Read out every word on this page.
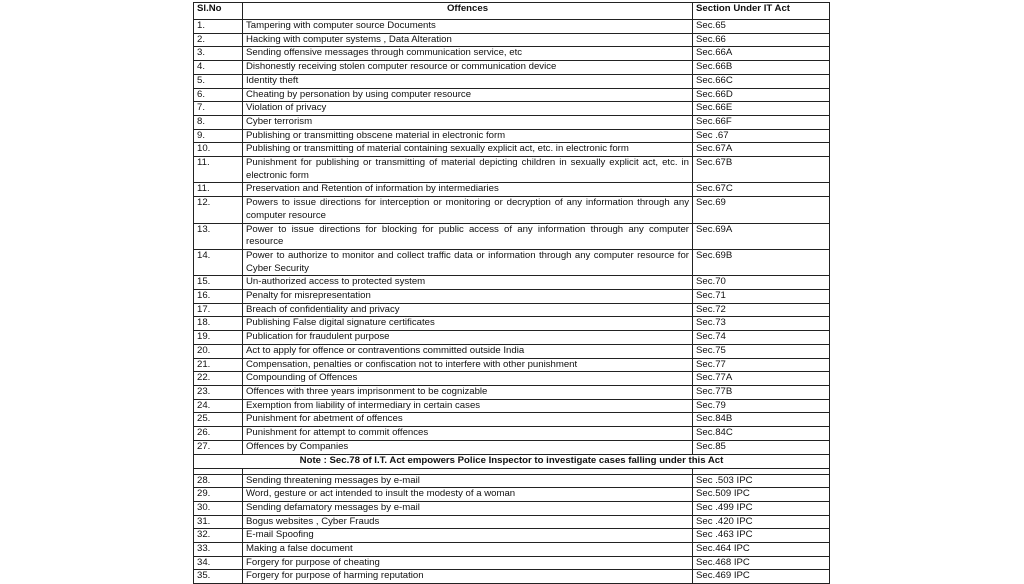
Sl.No	Offences	Section Under IT Act
1.	Tampering with computer source Documents	Sec.65
2.	Hacking with computer systems , Data Alteration	Sec.66
3.	Sending offensive messages through communication service, etc	Sec.66A
4.	Dishonestly receiving stolen computer resource or communication device	Sec.66B
5.	Identity theft	Sec.66C
6.	Cheating by personation by using computer resource	Sec.66D
7.	Violation of privacy	Sec.66E
8.	Cyber terrorism	Sec.66F
9.	Publishing or transmitting obscene material in electronic form	Sec .67
10.	Publishing or transmitting of material containing sexually explicit act, etc. in electronic form	Sec.67A
11.	Punishment for publishing or transmitting of material depicting children in sexually explicit act, etc. in electronic form	Sec.67B
11.	Preservation and Retention of information by intermediaries	Sec.67C
12.	Powers to issue directions for interception or monitoring or decryption of any information through any computer resource	Sec.69
13.	Power to issue directions for blocking for public access of any information through any computer resource	Sec.69A
14.	Power to authorize to monitor and collect traffic data or information through any computer resource for Cyber Security	Sec.69B
15.	Un-authorized access to protected system	Sec.70
16.	Penalty for misrepresentation	Sec.71
17.	Breach of confidentiality and privacy	Sec.72
18.	Publishing False digital signature certificates	Sec.73
19.	Publication for fraudulent purpose	Sec.74
20.	Act to apply for offence or contraventions committed outside India	Sec.75
21.	Compensation, penalties or confiscation not to interfere with other punishment	Sec.77
22.	Compounding of Offences	Sec.77A
23.	Offences with three years imprisonment to be cognizable	Sec.77B
24.	Exemption from liability of intermediary in certain cases	Sec.79
25.	Punishment for abetment of offences	Sec.84B
26.	Punishment for attempt to commit offences	Sec.84C
27.	Offences by Companies	Sec.85
Note : Sec.78 of I.T. Act empowers Police Inspector to investigate cases falling under this Act		

28.	Sending threatening messages by e-mail	Sec .503 IPC
29.	Word, gesture or act intended to insult the modesty of a woman	Sec.509 IPC
30.	Sending defamatory messages by e-mail	Sec .499 IPC
31.	Bogus websites , Cyber Frauds	Sec .420 IPC
32.	E-mail Spoofing	Sec .463 IPC
33.	Making a false document	Sec.464 IPC
34.	Forgery for purpose of cheating	Sec.468 IPC
35.	Forgery for purpose of harming reputation	Sec.469 IPC
